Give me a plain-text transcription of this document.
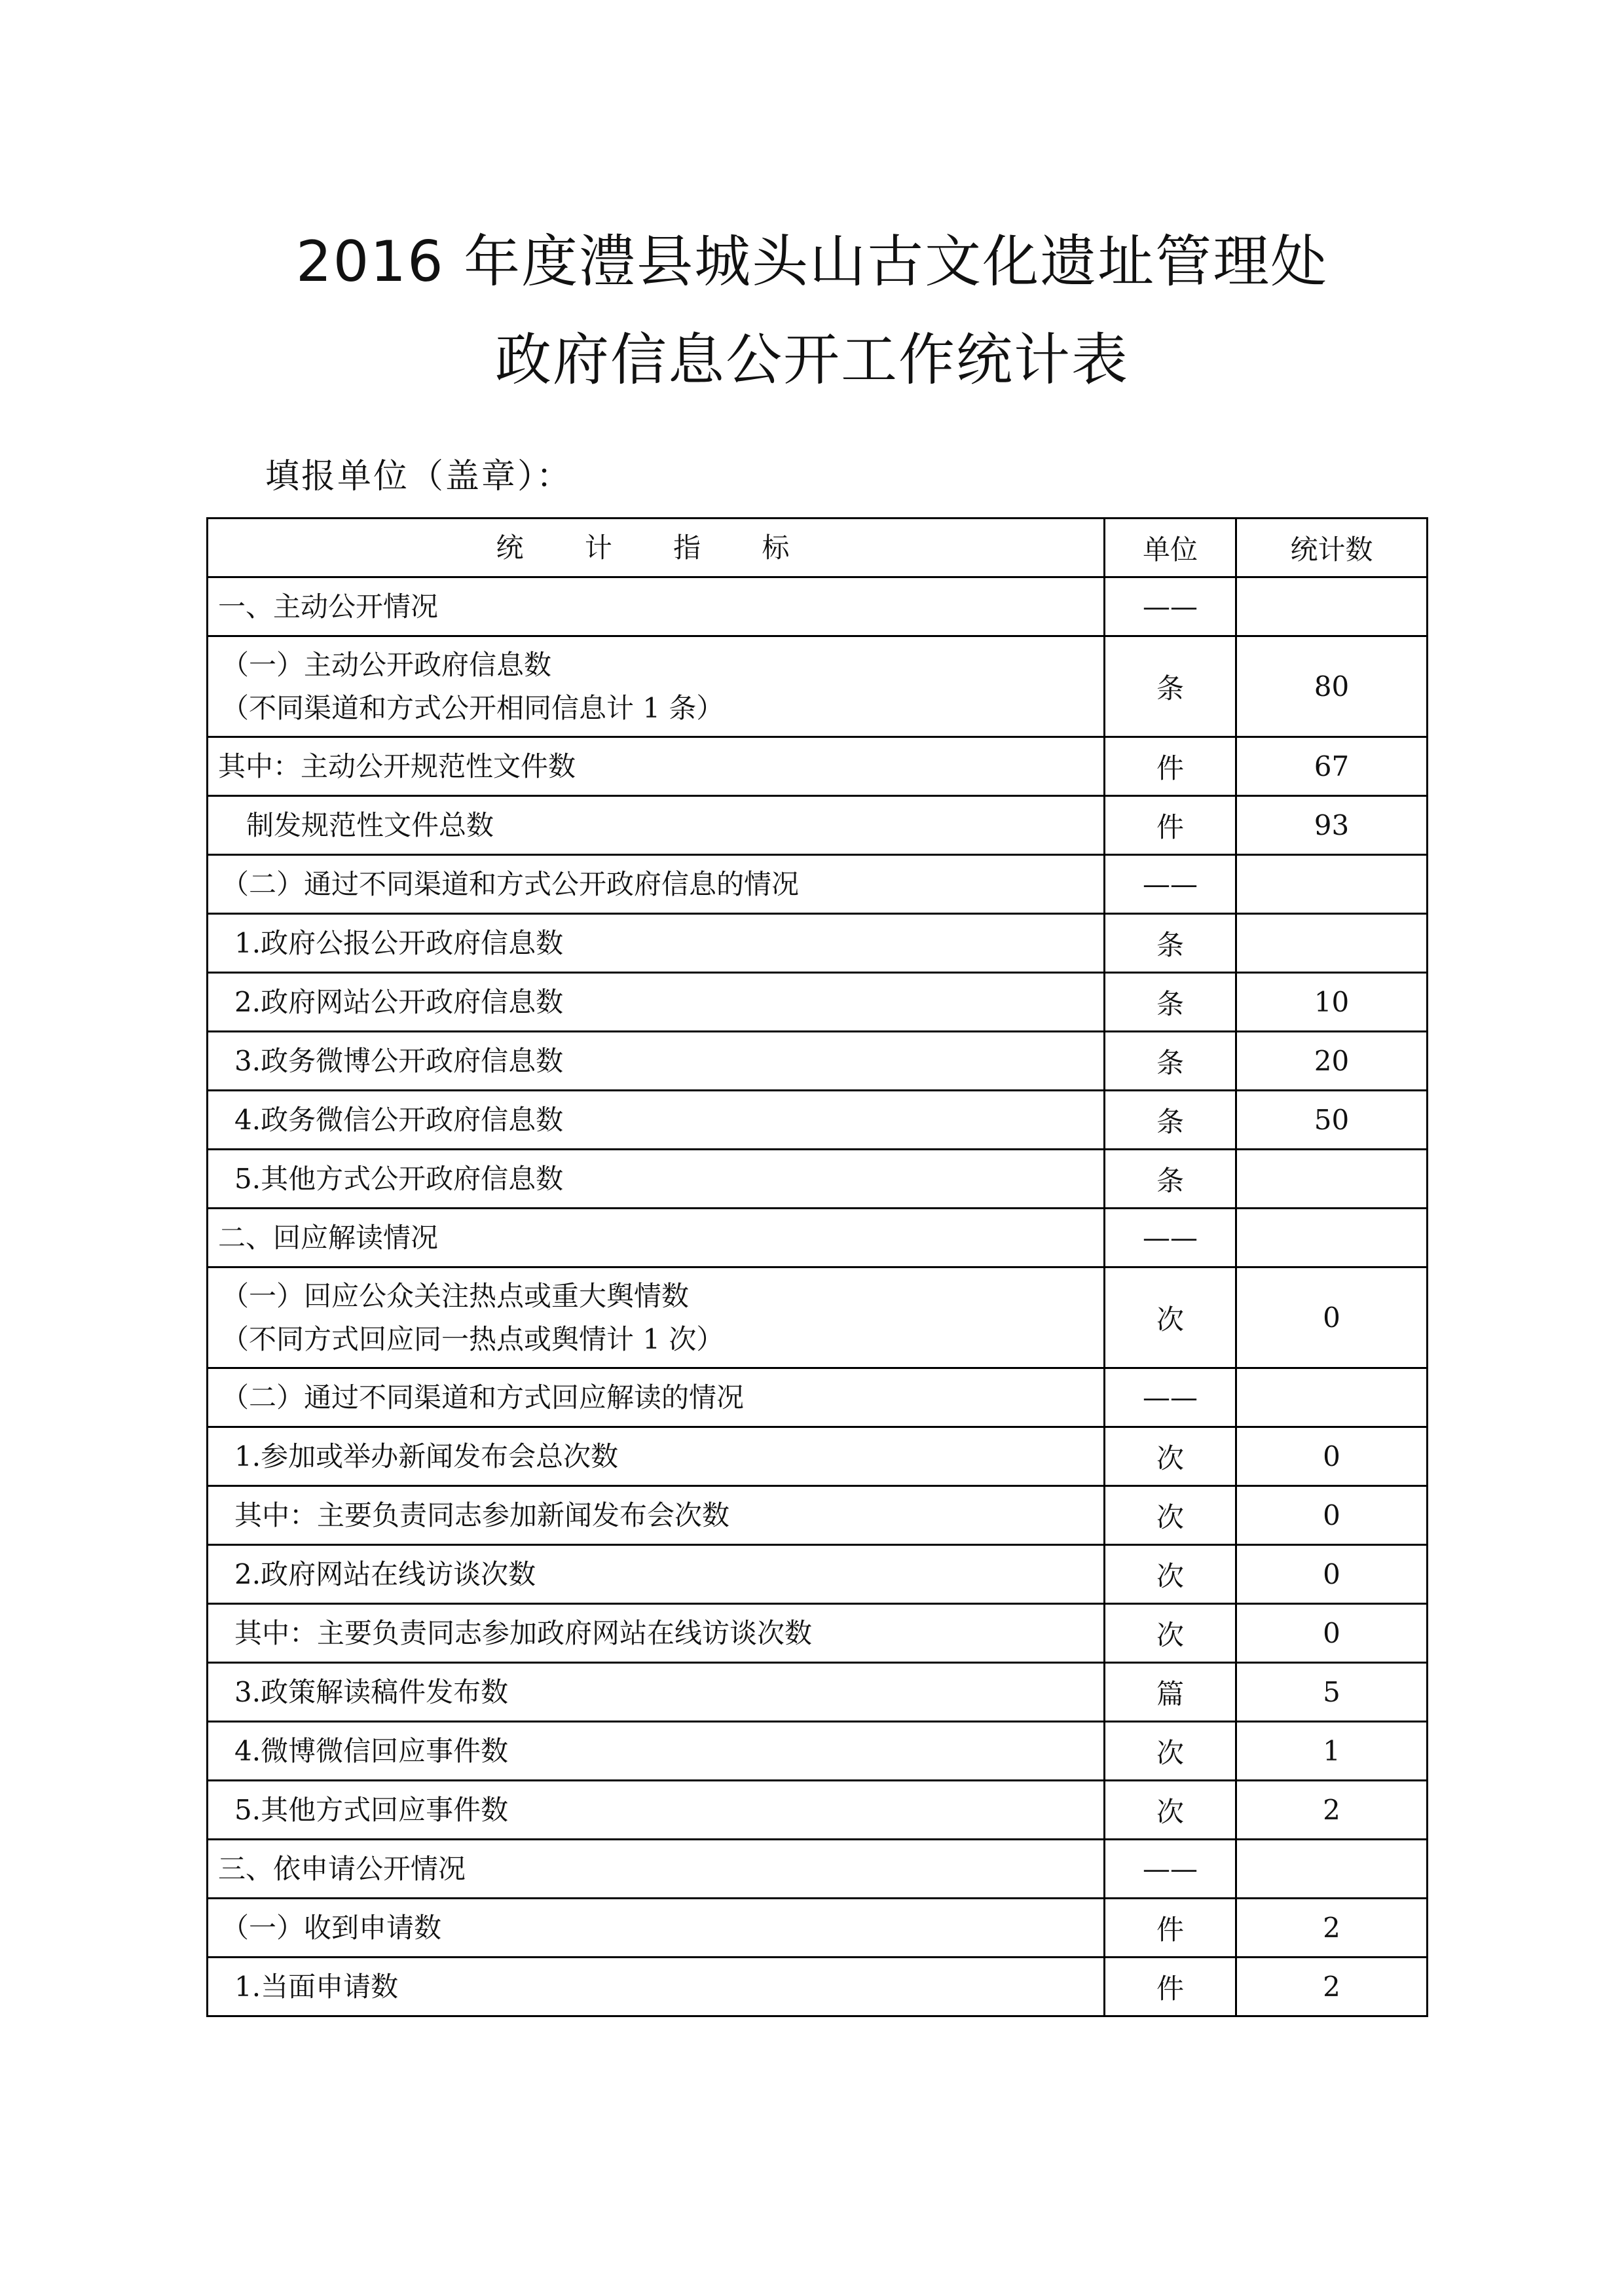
2016 年度澧县城头山古文化遗址管理处
政府信息公开工作统计表
填报单位（盖章）：
统 计 指 标	单位	统计数
一、主动公开情况	——	

（一）主动公开政府信息数
（不同渠道和方式公开相同信息计 1 条）	条	80
其中：主动公开规范性文件数	件	67
制发规范性文件总数	件	93
（二）通过不同渠道和方式公开政府信息的情况	——	
1.政府公报公开政府信息数	条	
2.政府网站公开政府信息数	条	10
3.政务微博公开政府信息数	条	20
4.政务微信公开政府信息数	条	50
5.其他方式公开政府信息数	条	
二、回应解读情况	——	

（一）回应公众关注热点或重大舆情数
（不同方式回应同一热点或舆情计 1 次）	次	0
（二）通过不同渠道和方式回应解读的情况	——	
1.参加或举办新闻发布会总次数	次	0
其中：主要负责同志参加新闻发布会次数	次	0
2.政府网站在线访谈次数	次	0
其中：主要负责同志参加政府网站在线访谈次数	次	0
3.政策解读稿件发布数	篇	5
4.微博微信回应事件数	次	1
5.其他方式回应事件数	次	2
三、依申请公开情况	——	
（一）收到申请数	件	2
1.当面申请数	件	2
